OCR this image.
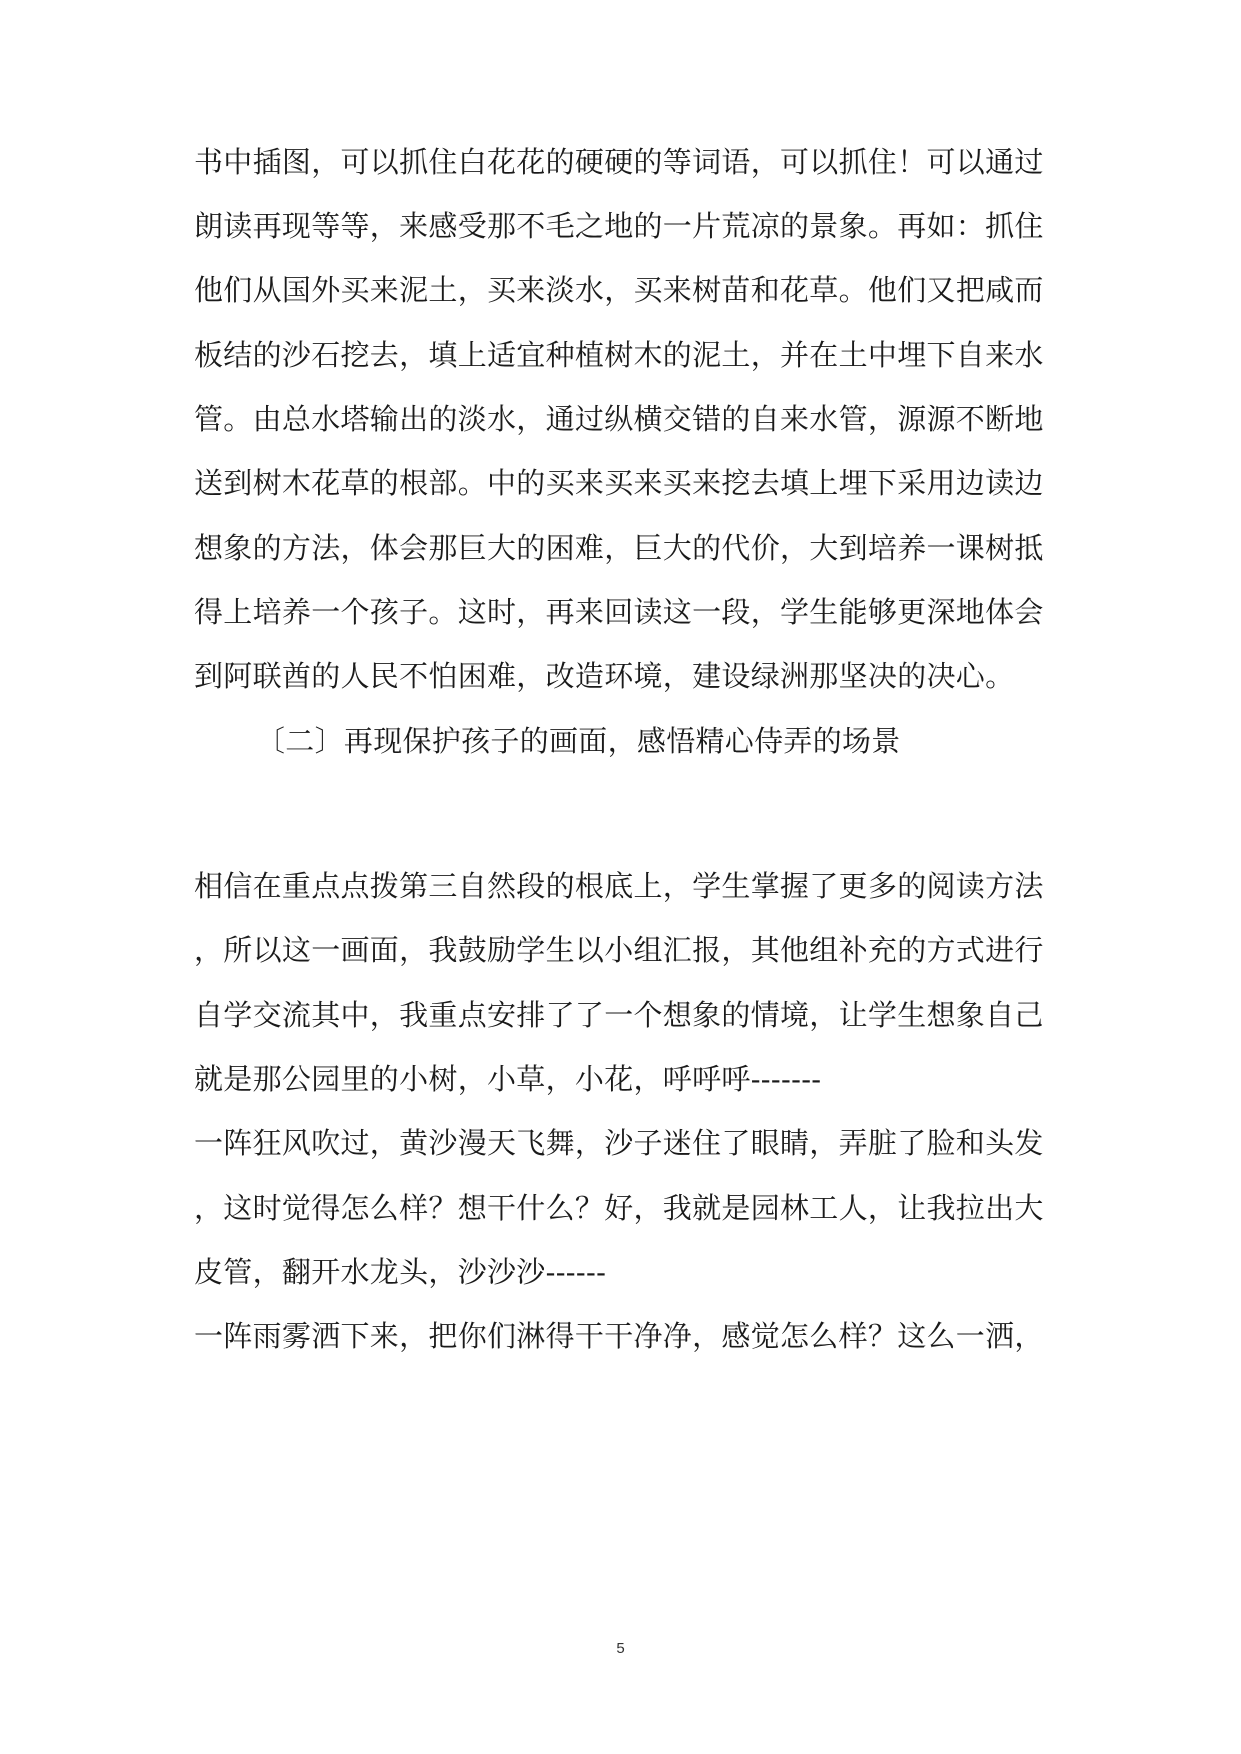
书中插图，可以抓住白花花的硬硬的等词语，可以抓住！可以通过
朗读再现等等，来感受那不毛之地的一片荒凉的景象。再如：抓住
他们从国外买来泥土，买来淡水，买来树苗和花草。他们又把咸而
板结的沙石挖去，填上适宜种植树木的泥土，并在土中埋下自来水
管。由总水塔输出的淡水，通过纵横交错的自来水管，源源不断地
送到树木花草的根部。中的买来买来买来挖去填上埋下采用边读边
想象的方法，体会那巨大的困难，巨大的代价，大到培养一课树抵
得上培养一个孩子。这时，再来回读这一段，学生能够更深地体会
到阿联酋的人民不怕困难，改造环境，建设绿洲那坚决的决心。
〔二〕再现保护孩子的画面，感悟精心侍弄的场景
相信在重点点拨第三自然段的根底上，学生掌握了更多的阅读方法
，所以这一画面，我鼓励学生以小组汇报，其他组补充的方式进行
自学交流其中，我重点安排了了一个想象的情境，让学生想象自己
就是那公园里的小树，小草，小花，呼呼呼-------
一阵狂风吹过，黄沙漫天飞舞，沙子迷住了眼睛，弄脏了脸和头发
，这时觉得怎么样？想干什么？好，我就是园林工人，让我拉出大
皮管，翻开水龙头，沙沙沙------
一阵雨雾洒下来，把你们淋得干干净净，感觉怎么样？这么一洒，
5
